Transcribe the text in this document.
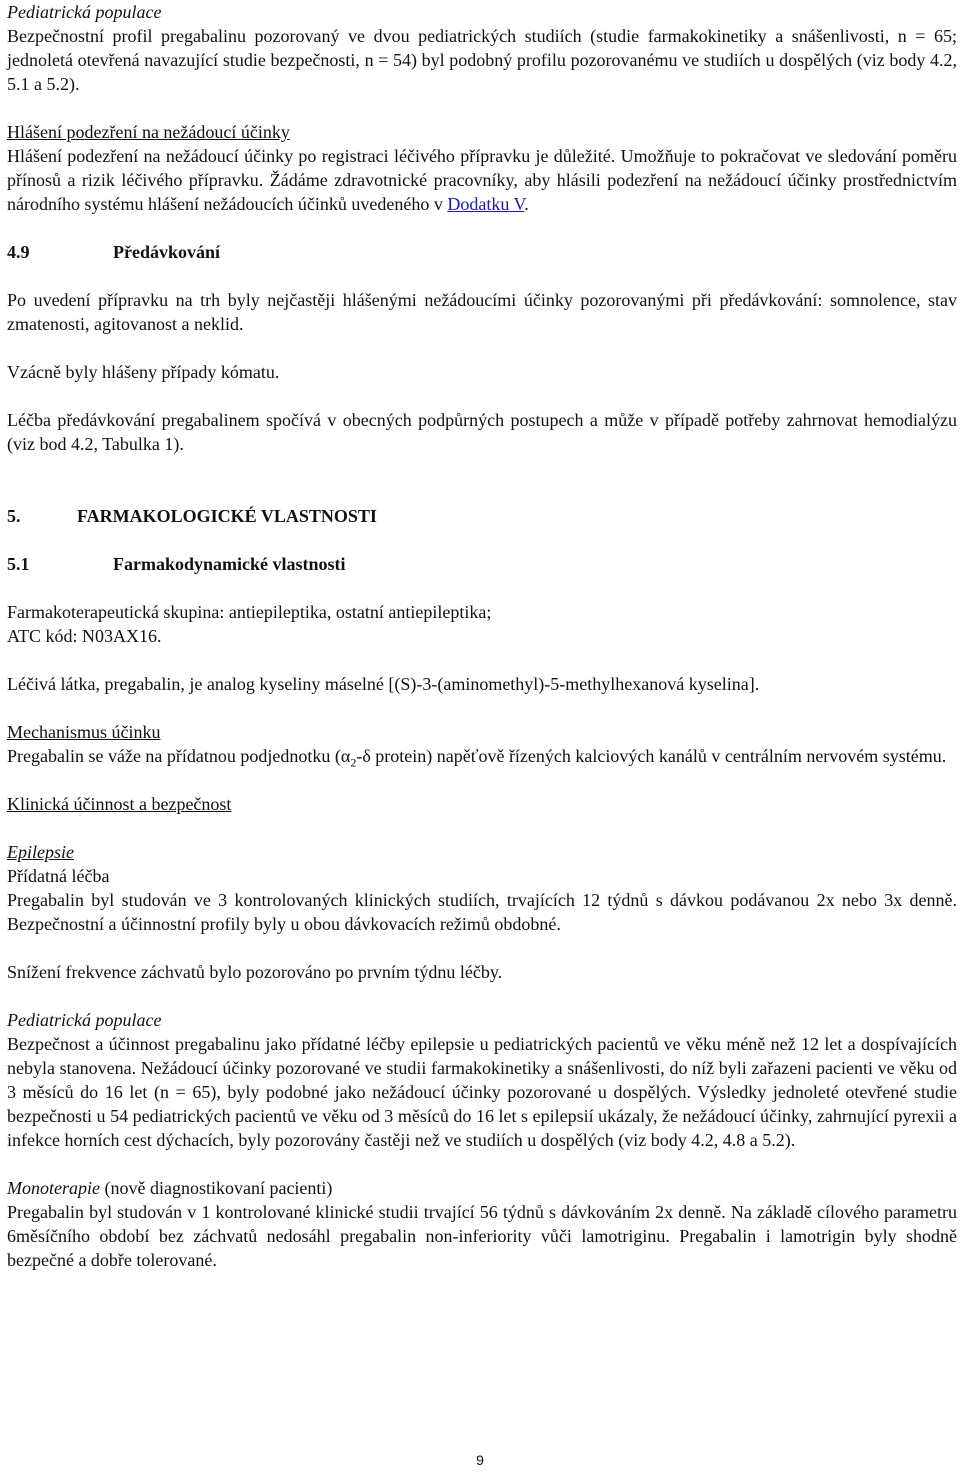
Pediatrická populace

Bezpečnostní profil pregabalinu pozorovaný ve dvou pediatrických studiích (studie farmakokinetiky a snášenlivosti, n = 65; jednoletá otevřená navazující studie bezpečnosti, n = 54) byl podobný profilu pozorovanému ve studiích u dospělých (viz body 4.2, 5.1 a 5.2).

Hlášení podezření na nežádoucí účinky

Hlášení podezření na nežádoucí účinky po registraci léčivého přípravku je důležité. Umožňuje to pokračovat ve sledování poměru přínosů a rizik léčivého přípravku. Žádáme zdravotnické pracovníky, aby hlásili podezření na nežádoucí účinky prostřednictvím národního systému hlášení nežádoucích účinků uvedeného v Dodatku V.

4.9	Předávkování

Po uvedení přípravku na trh byly nejčastěji hlášenými nežádoucími účinky pozorovanými při předávkování: somnolence, stav zmatenosti, agitovanost a neklid.

Vzácně byly hlášeny případy kómatu.

Léčba předávkování pregabalinem spočívá v obecných podpůrných postupech a může v případě potřeby zahrnovat hemodialýzu (viz bod 4.2, Tabulka 1).

5.	FARMAKOLOGICKÉ VLASTNOSTI

5.1	Farmakodynamické vlastnosti

Farmakoterapeutická skupina: antiepileptika, ostatní antiepileptika;

ATC kód: N03AX16.

Léčivá látka, pregabalin, je analog kyseliny máselné [(S)-3-(aminomethyl)-5-methylhexanová kyselina].

Mechanismus účinku

Pregabalin se váže na přídatnou podjednotku ($\alpha_2-\delta$ protein) napěťově řízených kalciových kanálů v centrálním nervovém systému.

Klinická účinnost a bezpečnost

Epilepsie

Přídatná léčba

Pregabalin byl studován ve 3 kontrolovaných klinických studiích, trvajících 12 týdnů s dávkou podávanou 2x nebo 3x denně. Bezpečnostní a účinnostní profily byly u obou dávkovacích režimů obdobné.

Snížení frekvence záchvatů bylo pozorováno po prvním týdnu léčby.

Pediatrická populace

Bezpečnost a účinnost pregabalinu jako přídatné léčby epilepsie u pediatrických pacientů ve věku méně než 12 let a dospívajících nebyla stanovena. Nežádoucí účinky pozorované ve studii farmakokinetiky a snášenlivosti, do níž byli zařazeni pacienti ve věku od 3 měsíců do 16 let (n = 65), byly podobné jako nežádoucí účinky pozorované u dospělých. Výsledky jednoleté otevřené studie bezpečnosti u 54 pediatrických pacientů ve věku od 3 měsíců do 16 let s epilepsií ukázaly, že nežádoucí účinky, zahrnující pyrexii a infekce horních cest dýchacích, byly pozorovány častěji než ve studiích u dospělých (viz body 4.2, 4.8 a 5.2).

Monoterapie (nově diagnostikovaní pacienti)

Pregabalin byl studován v 1 kontrolované klinické studii trvající 56 týdnů s dávkováním 2x denně. Na základě cílového parametru 6měsíčního období bez záchvatů nedosáhl pregabalin non-inferiority vůči lamotriginu. Pregabalin i lamotrigin byly shodně bezpečné a dobře tolerované.

9
